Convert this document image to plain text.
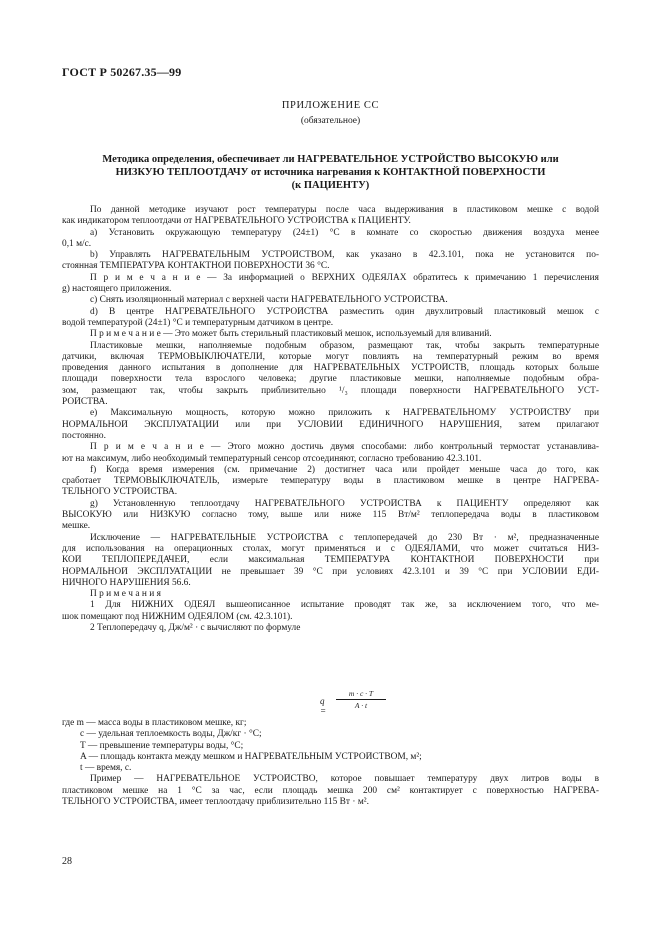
ГОСТ Р 50267.35—99
ПРИЛОЖЕНИЕ СС
(обязательное)
Методика определения, обеспечивает ли НАГРЕВАТЕЛЬНОЕ УСТРОЙСТВО ВЫСОКУЮ или
НИЗКУЮ ТЕПЛООТДАЧУ от источника нагревания к КОНТАКТНОЙ ПОВЕРХНОСТИ
(к ПАЦИЕНТУ)
По данной методике изучают рост температуры после часа выдерживания в пластиковом мешке с водой
как индикатором теплоотдачи от НАГРЕВАТЕЛЬНОГО УСТРОЙСТВА к ПАЦИЕНТУ.
a) Установить окружающую температуру (24±1) °С в комнате со скоростью движения воздуха менее
0,1 м/с.
b) Управлять НАГРЕВАТЕЛЬНЫМ УСТРОЙСТВОМ, как указано в 42.3.101, пока не установится по-
стоянная ТЕМПЕРАТУРА КОНТАКТНОЙ ПОВЕРХНОСТИ 36 °С.
П р и м е ч а н и е — За информацией о ВЕРХНИХ ОДЕЯЛАХ обратитесь к примечанию 1 перечисления
g) настоящего приложения.
c) Снять изоляционный материал с верхней части НАГРЕВАТЕЛЬНОГО УСТРОЙСТВА.
d) В центре НАГРЕВАТЕЛЬНОГО УСТРОЙСТВА разместить один двухлитровый пластиковый мешок с
водой температурой (24±1) °С и температурным датчиком в центре.
П р и м е ч а н и е — Это может быть стерильный пластиковый мешок, используемый для вливаний.
Пластиковые мешки, наполняемые подобным образом, размещают так, чтобы закрыть температурные
датчики, включая ТЕРМОВЫКЛЮЧАТЕЛИ, которые могут повлиять на температурный режим во время
проведения данного испытания в дополнение для НАГРЕВАТЕЛЬНЫХ УСТРОЙСТВ, площадь которых больше
площади поверхности тела взрослого человека; другие пластиковые мешки, наполняемые подобным обра-
зом, размещают так, чтобы закрыть приблизительно ¹/₃ площади поверхности НАГРЕВАТЕЛЬНОГО УСТ-
РОЙСТВА.
e) Максимальную мощность, которую можно приложить к НАГРЕВАТЕЛЬНОМУ УСТРОЙСТВУ при
НОРМАЛЬНОЙ ЭКСПЛУАТАЦИИ или при УСЛОВИИ ЕДИНИЧНОГО НАРУШЕНИЯ, затем прилагают
постоянно.
П р и м е ч а н и е — Этого можно достичь двумя способами: либо контрольный термостат устанавлива-
ют на максимум, либо необходимый температурный сенсор отсоединяют, согласно требованию 42.3.101.
f) Когда время измерения (см. примечание 2) достигнет часа или пройдет меньше часа до того, как
сработает ТЕРМОВЫКЛЮЧАТЕЛЬ, измерьте температуру воды в пластиковом мешке в центре НАГРЕВА-
ТЕЛЬНОГО УСТРОЙСТВА.
g) Установленную теплоотдачу НАГРЕВАТЕЛЬНОГО УСТРОЙСТВА к ПАЦИЕНТУ определяют как
ВЫСОКУЮ или НИЗКУЮ согласно тому, выше или ниже 115 Вт/м² теплопередача воды в пластиковом
мешке.
Исключение — НАГРЕВАТЕЛЬНЫЕ УСТРОЙСТВА с теплопередачей до 230 Вт · м², предназначенные
для использования на операционных столах, могут применяться и с ОДЕЯЛАМИ, что может считаться НИЗ-
КОЙ ТЕПЛОПЕРЕДАЧЕЙ, если максимальная ТЕМПЕРАТУРА КОНТАКТНОЙ ПОВЕРХНОСТИ при
НОРМАЛЬНОЙ ЭКСПЛУАТАЦИИ не превышает 39 °С при условиях 42.3.101 и 39 °С при УСЛОВИИ ЕДИ-
НИЧНОГО НАРУШЕНИЯ 56.6.
П р и м е ч а н и я
1 Для НИЖНИХ ОДЕЯЛ вышеописанное испытание проводят так же, за исключением того, что ме-
шок помещают под НИЖНИМ ОДЕЯЛОМ (см. 42.3.101).
2 Теплопередачу q, Дж/м² · с вычисляют по формуле
q =
m · c · T
A · t
где m — масса воды в пластиковом мешке, кг;
c — удельная теплоемкость воды, Дж/кг · °С;
T — превышение температуры воды, °С;
A — площадь контакта между мешком и НАГРЕВАТЕЛЬНЫМ УСТРОЙСТВОМ, м²;
t — время, с.
Пример — НАГРЕВАТЕЛЬНОЕ УСТРОЙСТВО, которое повышает температуру двух литров воды в
пластиковом мешке на 1 °С за час, если площадь мешка 200 см² контактирует с поверхностью НАГРЕВА-
ТЕЛЬНОГО УСТРОЙСТВА, имеет теплоотдачу приблизительно 115 Вт · м².
28
